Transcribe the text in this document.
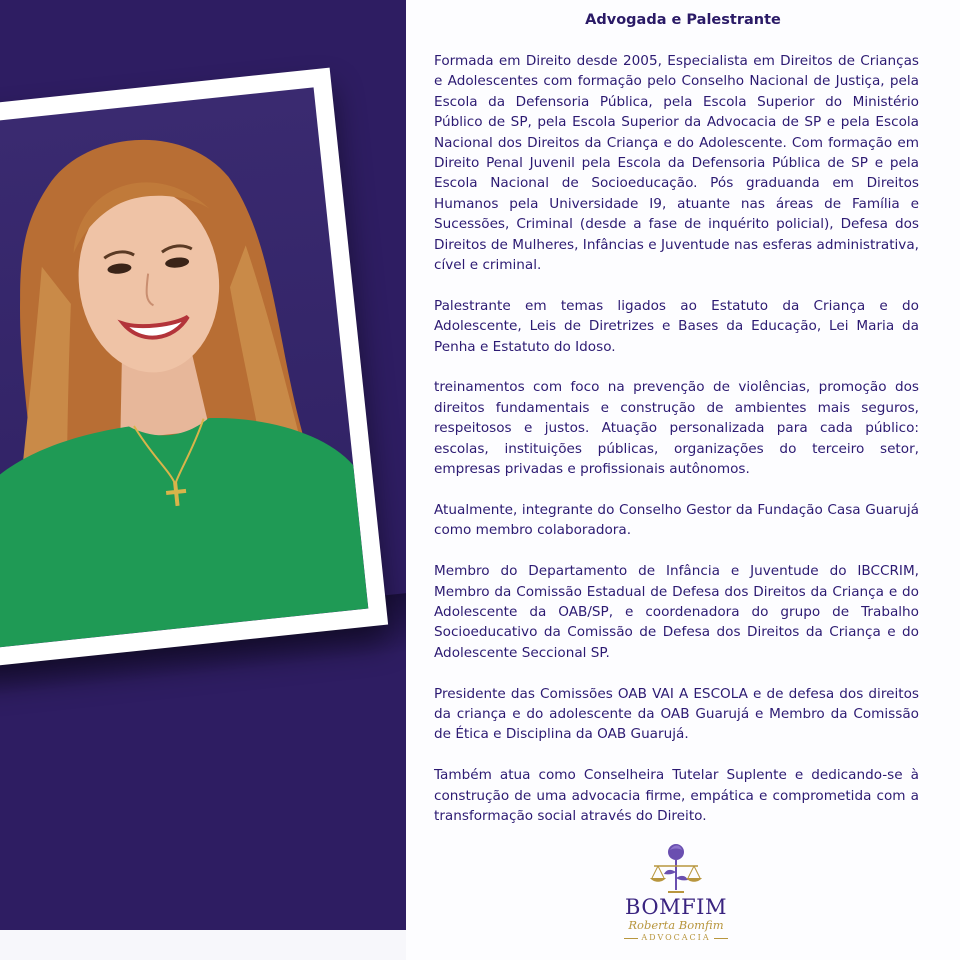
Advogada e Palestrante

Formada em Direito desde 2005, Especialista em Direitos de Crianças e Adolescentes com formação pelo Conselho Nacional de Justiça, pela Escola da Defensoria Pública, pela Escola Superior do Ministério Público de SP, pela Escola Superior da Advocacia de SP e pela Escola Nacional dos Direitos da Criança e do Adolescente. Com formação em Direito Penal Juvenil pela Escola da Defensoria Pública de SP e pela Escola Nacional de Socioeducação. Pós graduanda em Direitos Humanos pela Universidade I9, atuante nas áreas de Família e Sucessões, Criminal (desde a fase de inquérito policial), Defesa dos Direitos de Mulheres, Infâncias e Juventude nas esferas administrativa, cível e criminal.

Palestrante em temas ligados ao Estatuto da Criança e do Adolescente, Leis de Diretrizes e Bases da Educação, Lei Maria da Penha e Estatuto do Idoso.

treinamentos com foco na prevenção de violências, promoção dos direitos fundamentais e construção de ambientes mais seguros, respeitosos e justos. Atuação personalizada para cada público: escolas, instituições públicas, organizações do terceiro setor, empresas privadas e profissionais autônomos.

Atualmente, integrante do Conselho Gestor da Fundação Casa Guarujá como membro colaboradora.

Membro do Departamento de Infância e Juventude do IBCCRIM, Membro da Comissão Estadual de Defesa dos Direitos da Criança e do Adolescente da OAB/SP, e coordenadora do grupo de Trabalho Socioeducativo da Comissão de Defesa dos Direitos da Criança e do Adolescente Seccional SP.

Presidente das Comissões OAB VAI A ESCOLA e de defesa dos direitos da criança e do adolescente da OAB Guarujá e Membro da Comissão de Ética e Disciplina da OAB Guarujá.

Também atua como Conselheira Tutelar Suplente e dedicando-se à construção de uma advocacia firme, empática e comprometida com a transformação social através do Direito.

BOMFIM
Roberta Bomfim
ADVOCACIA
